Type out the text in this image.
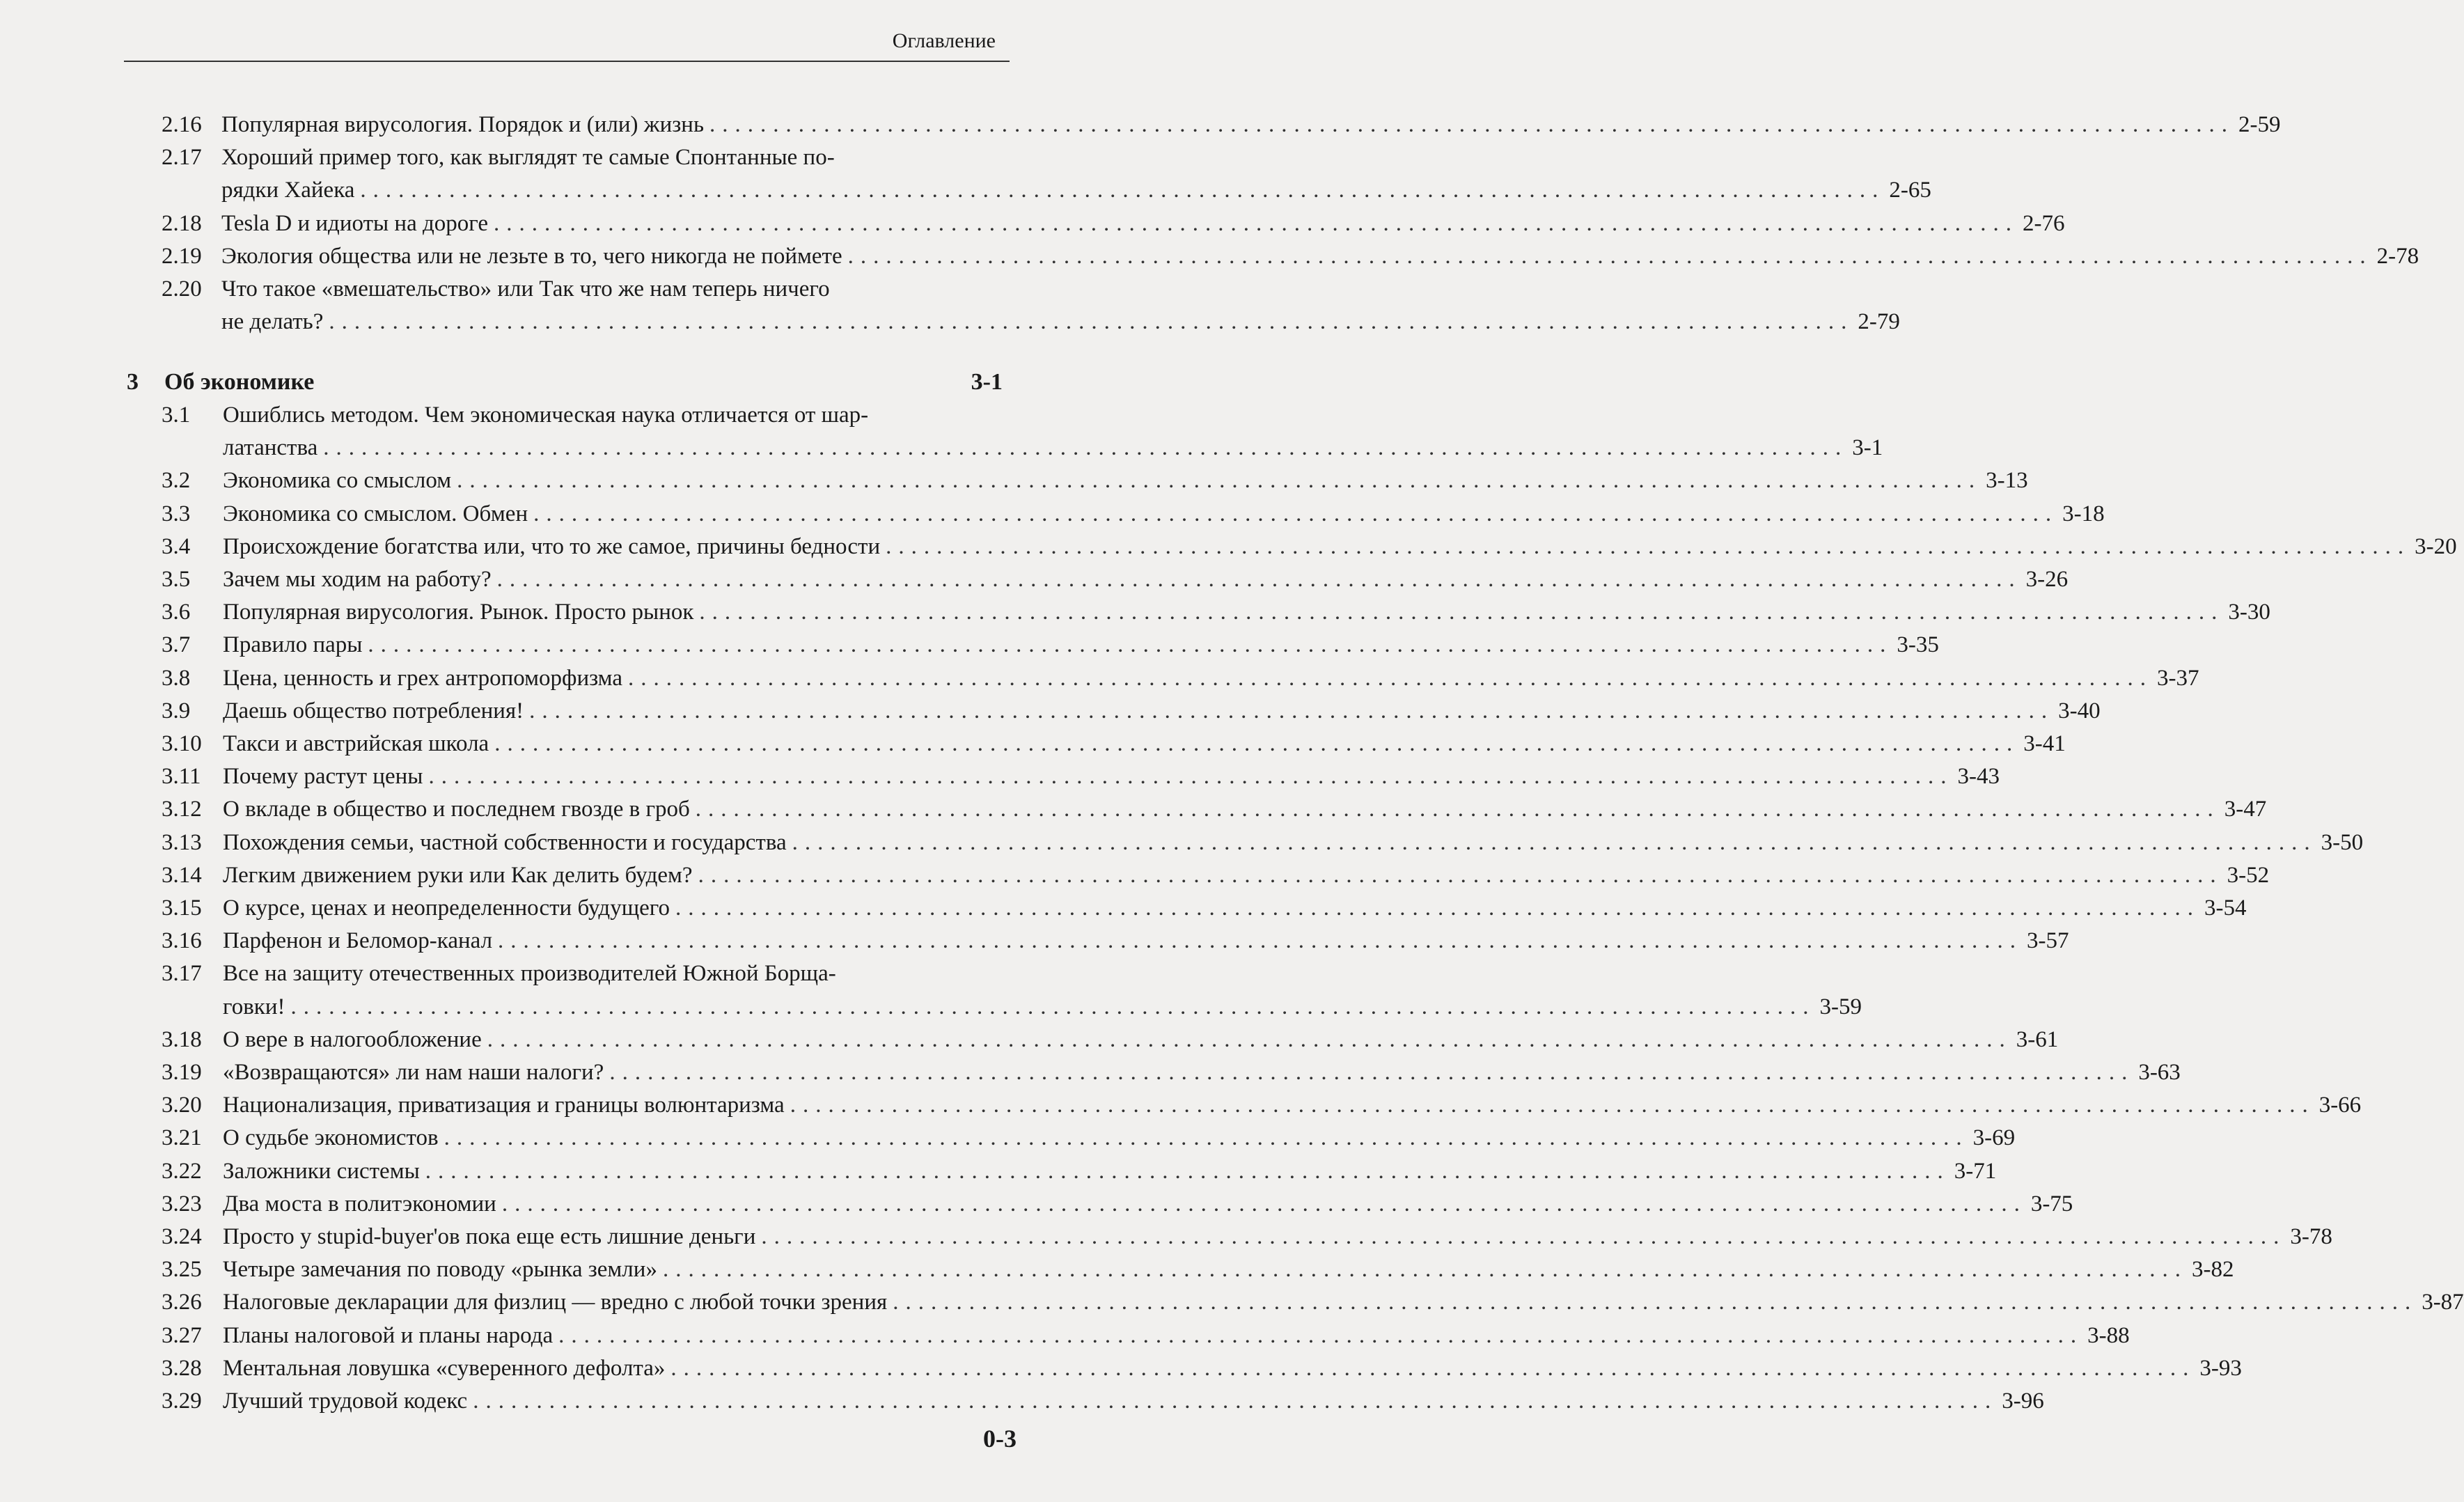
Оглавление
2.16 Популярная вирусология. Порядок и (или) жизнь ........................................................................................................................ 2-59
2.17 Хороший пример того, как выглядят те самые Спонтанные по-
рядки Хайека ........................................................................................................................ 2-65
2.18 Tesla D и идиоты на дороге ........................................................................................................................ 2-76
2.19 Экология общества или не лезьте в то, чего никогда не поймете ........................................................................................................................ 2-78
2.20 Что такое «вмешательство» или Так что же нам теперь ничего
не делать? ........................................................................................................................ 2-79
3.1 Ошиблись методом. Чем экономическая наука отличается от шар-
латанства ........................................................................................................................ 3-1
3.2 Экономика со смыслом ........................................................................................................................ 3-13
3.3 Экономика со смыслом. Обмен ........................................................................................................................ 3-18
3.4 Происхождение богатства или, что то же самое, причины бедности ........................................................................................................................ 3-20
3.5 Зачем мы ходим на работу? ........................................................................................................................ 3-26
3.6 Популярная вирусология. Рынок. Просто рынок ........................................................................................................................ 3-30
3.7 Правило пары ........................................................................................................................ 3-35
3.8 Цена, ценность и грех антропоморфизма ........................................................................................................................ 3-37
3.9 Даешь общество потребления! ........................................................................................................................ 3-40
3.10 Такси и австрийская школа ........................................................................................................................ 3-41
3.11 Почему растут цены ........................................................................................................................ 3-43
3.12 О вкладе в общество и последнем гвозде в гроб ........................................................................................................................ 3-47
3.13 Похождения семьи, частной собственности и государства ........................................................................................................................ 3-50
3.14 Легким движением руки или Как делить будем? ........................................................................................................................ 3-52
3.15 О курсе, ценах и неопределенности будущего ........................................................................................................................ 3-54
3.16 Парфенон и Беломор-канал ........................................................................................................................ 3-57
3.17 Все на защиту отечественных производителей Южной Борща-
говки! ........................................................................................................................ 3-59
3.18 О вере в налогообложение ........................................................................................................................ 3-61
3.19 «Возвращаются» ли нам наши налоги? ........................................................................................................................ 3-63
3.20 Национализация, приватизация и границы волюнтаризма ........................................................................................................................ 3-66
3.21 О судьбе экономистов ........................................................................................................................ 3-69
3.22 Заложники системы ........................................................................................................................ 3-71
3.23 Два моста в политэкономии ........................................................................................................................ 3-75
3.24 Просто у stupid-buyer'ов пока еще есть лишние деньги ........................................................................................................................ 3-78
3.25 Четыре замечания по поводу «рынка земли» ........................................................................................................................ 3-82
3.26 Налоговые декларации для физлиц — вредно с любой точки зрения ........................................................................................................................ 3-87
3.27 Планы налоговой и планы народа ........................................................................................................................ 3-88
3.28 Ментальная ловушка «суверенного дефолта» ........................................................................................................................ 3-93
3.29 Лучший трудовой кодекс ........................................................................................................................ 3-96
3 Об экономике	3-1
0-3
